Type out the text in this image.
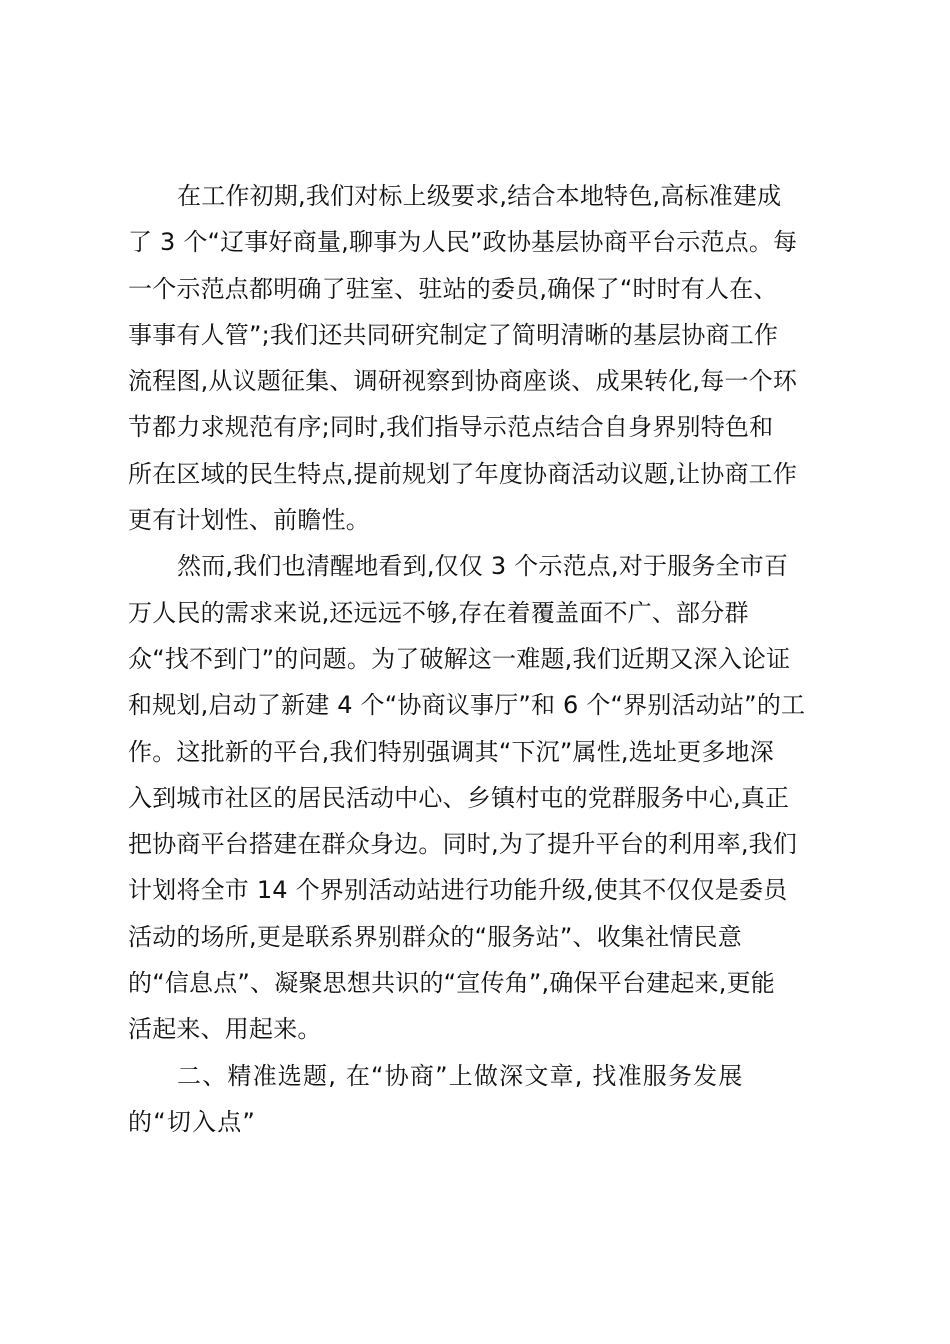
在工作初期,我们对标上级要求,结合本地特色,高标准建成
了 3 个“辽事好商量,聊事为人民”政协基层协商平台示范点。每
一个示范点都明确了驻室、驻站的委员,确保了“时时有人在、
事事有人管”;我们还共同研究制定了简明清晰的基层协商工作
流程图,从议题征集、调研视察到协商座谈、成果转化,每一个环
节都力求规范有序;同时,我们指导示范点结合自身界别特色和
所在区域的民生特点,提前规划了年度协商活动议题,让协商工作
更有计划性、前瞻性。
然而,我们也清醒地看到,仅仅 3 个示范点,对于服务全市百
万人民的需求来说,还远远不够,存在着覆盖面不广、部分群
众“找不到门”的问题。为了破解这一难题,我们近期又深入论证
和规划,启动了新建 4 个“协商议事厅”和 6 个“界别活动站”的工
作。这批新的平台,我们特别强调其“下沉”属性,选址更多地深
入到城市社区的居民活动中心、乡镇村屯的党群服务中心,真正
把协商平台搭建在群众身边。同时,为了提升平台的利用率,我们
计划将全市 14 个界别活动站进行功能升级,使其不仅仅是委员
活动的场所,更是联系界别群众的“服务站”、收集社情民意
的“信息点”、凝聚思想共识的“宣传角”,确保平台建起来,更能
活起来、用起来。
二、精准选题, 在“协商”上做深文章, 找准服务发展
的“切入点”
